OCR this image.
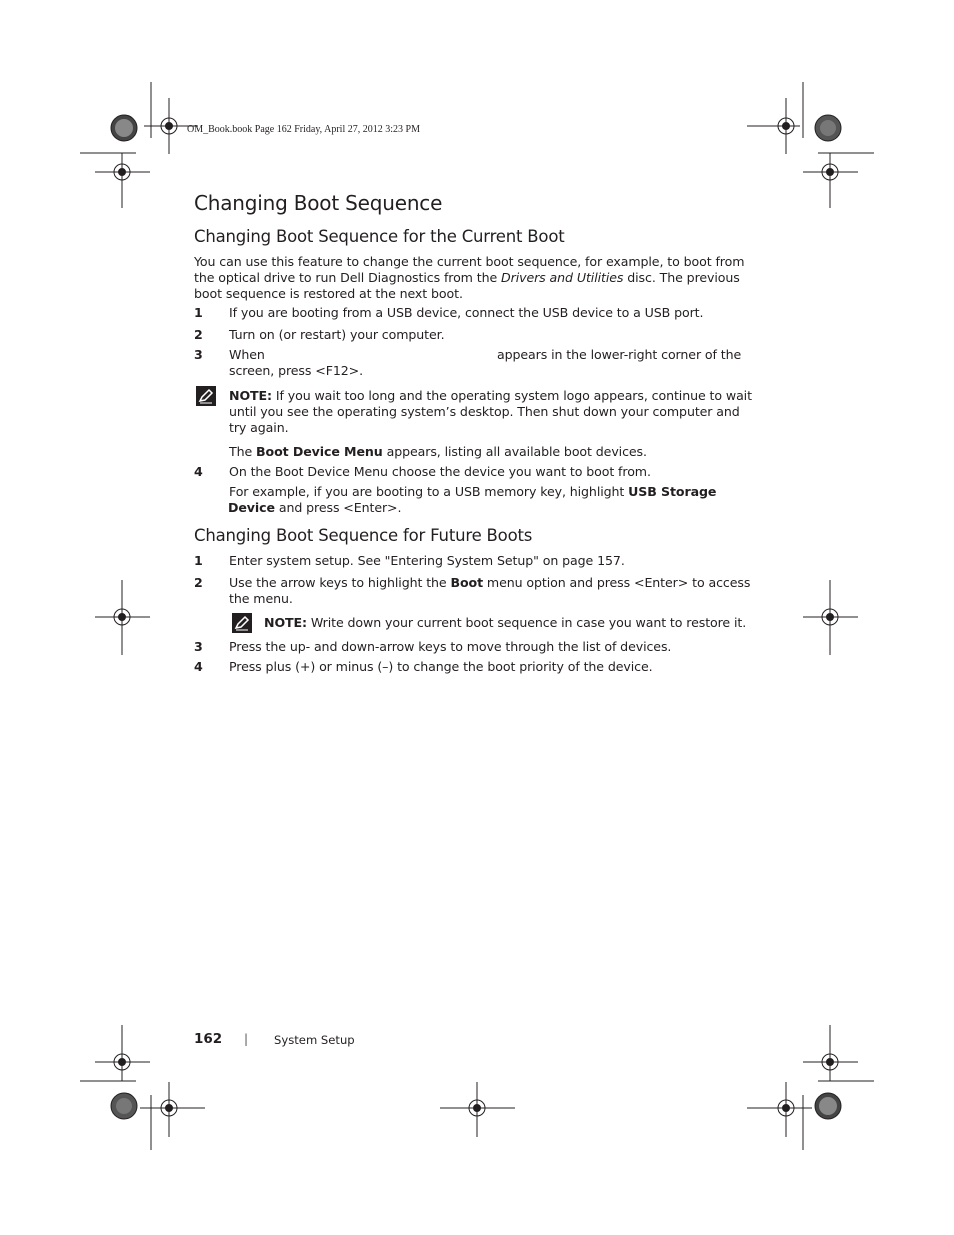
OM_Book.book Page 162 Friday, April 27, 2012 3:23 PM
Changing Boot Sequence
Changing Boot Sequence for the Current Boot
You can use this feature to change the current boot sequence, for example, to boot from
the optical drive to run Dell Diagnostics from the Drivers and Utilities disc. The previous
boot sequence is restored at the next boot.
1 If you are booting from a USB device, connect the USB device to a USB port.
2 Turn on (or restart) your computer.
3 When	appears in the lower-right corner of the
screen, press <F12>.
NOTE: If you wait too long and the operating system logo appears, continue to wait
until you see the operating system’s desktop. Then shut down your computer and
try again.
The Boot Device Menu appears, listing all available boot devices.
4 On the Boot Device Menu choose the device you want to boot from.
For example, if you are booting to a USB memory key, highlight USB Storage
Device and press <Enter>.
Changing Boot Sequence for Future Boots
1 Enter system setup. See "Entering System Setup" on page 157.
2 Use the arrow keys to highlight the Boot menu option and press <Enter> to access
the menu.
NOTE: Write down your current boot sequence in case you want to restore it.
3 Press the up- and down-arrow keys to move through the list of devices.
4 Press plus (+) or minus (–) to change the boot priority of the device.
162 | System Setup
